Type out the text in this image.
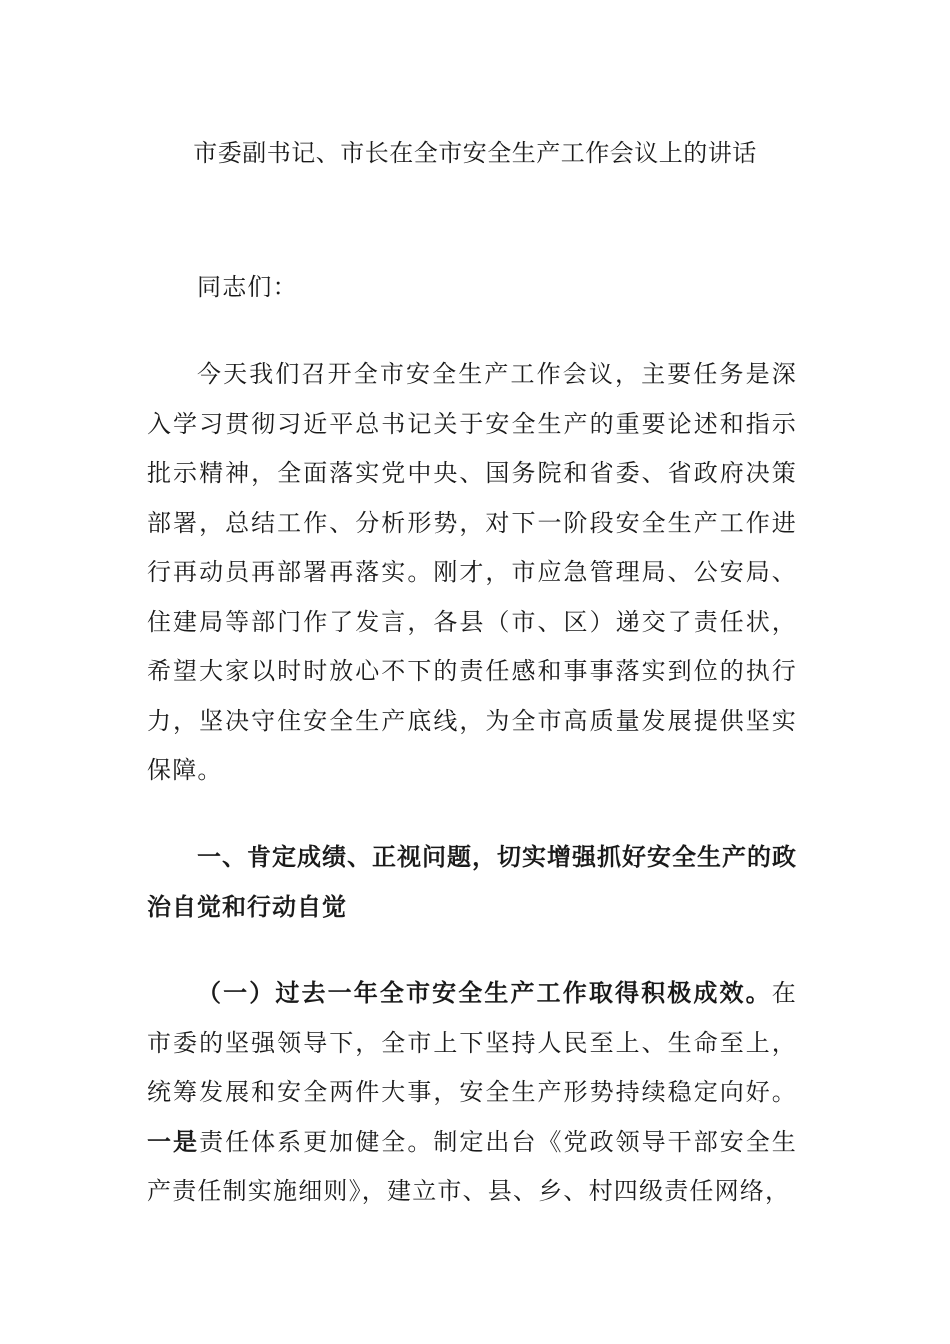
市委副书记、市长在全市安全生产工作会议上的讲话
同志们：
今天我们召开全市安全生产工作会议，主要任务是深入学习贯彻习近平总书记关于安全生产的重要论述和指示批示精神，全面落实党中央、国务院和省委、省政府决策部署，总结工作、分析形势，对下一阶段安全生产工作进行再动员再部署再落实。刚才，市应急管理局、公安局、住建局等部门作了发言，各县（市、区）递交了责任状，希望大家以时时放心不下的责任感和事事落实到位的执行力，坚决守住安全生产底线，为全市高质量发展提供坚实保障。
一、肯定成绩、正视问题，切实增强抓好安全生产的政治自觉和行动自觉
（一）过去一年全市安全生产工作取得积极成效。在市委的坚强领导下，全市上下坚持人民至上、生命至上，统筹发展和安全两件大事，安全生产形势持续稳定向好。一是责任体系更加健全。制定出台《党政领导干部安全生产责任制实施细则》，建立市、县、乡、村四级责任网络，
